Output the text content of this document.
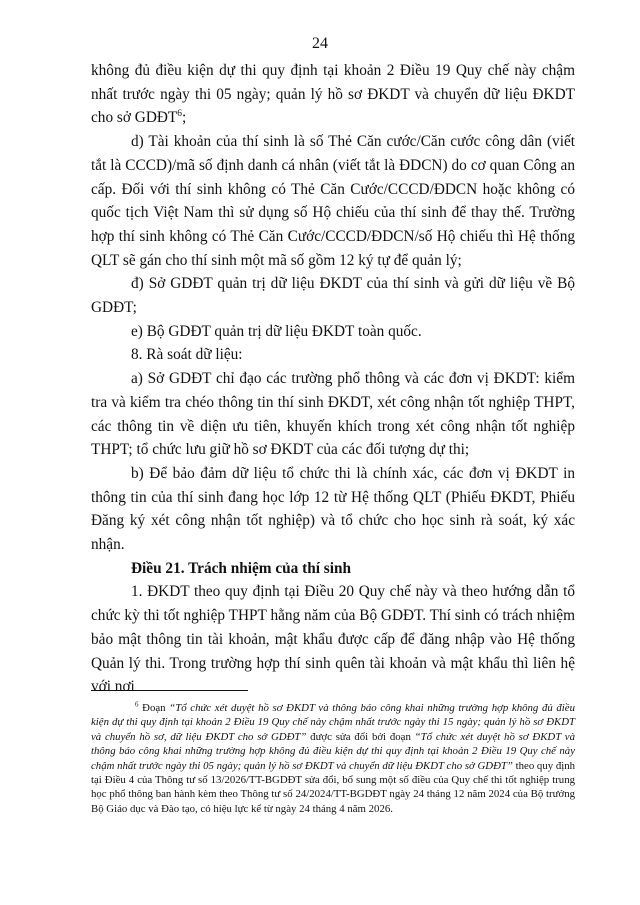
24

không đủ điều kiện dự thi quy định tại khoản 2 Điều 19 Quy chế này chậm nhất trước ngày thi 05 ngày; quản lý hồ sơ ĐKDT và chuyển dữ liệu ĐKDT cho sở GDĐT$^6$;

d) Tài khoản của thí sinh là số Thẻ Căn cước/Căn cước công dân (viết tắt là CCCD)/mã số định danh cá nhân (viết tắt là ĐDCN) do cơ quan Công an cấp. Đối với thí sinh không có Thẻ Căn Cước/CCCD/ĐDCN hoặc không có quốc tịch Việt Nam thì sử dụng số Hộ chiếu của thí sinh để thay thế. Trường hợp thí sinh không có Thẻ Căn Cước/CCCD/ĐDCN/số Hộ chiếu thì Hệ thống QLT sẽ gán cho thí sinh một mã số gồm 12 ký tự để quản lý;

đ) Sở GDĐT quản trị dữ liệu ĐKDT của thí sinh và gửi dữ liệu về Bộ GDĐT;

e) Bộ GDĐT quản trị dữ liệu ĐKDT toàn quốc.

8. Rà soát dữ liệu:

a) Sở GDĐT chỉ đạo các trường phổ thông và các đơn vị ĐKDT: kiểm tra và kiểm tra chéo thông tin thí sinh ĐKDT, xét công nhận tốt nghiệp THPT, các thông tin về diện ưu tiên, khuyến khích trong xét công nhận tốt nghiệp THPT; tổ chức lưu giữ hồ sơ ĐKDT của các đối tượng dự thi;

b) Để bảo đảm dữ liệu tổ chức thi là chính xác, các đơn vị ĐKDT in thông tin của thí sinh đang học lớp 12 từ Hệ thống QLT (Phiếu ĐKDT, Phiếu Đăng ký xét công nhận tốt nghiệp) và tổ chức cho học sinh rà soát, ký xác nhận.

Điều 21. Trách nhiệm của thí sinh

1. ĐKDT theo quy định tại Điều 20 Quy chế này và theo hướng dẫn tổ chức kỳ thi tốt nghiệp THPT hằng năm của Bộ GDĐT. Thí sinh có trách nhiệm bảo mật thông tin tài khoản, mật khẩu được cấp để đăng nhập vào Hệ thống Quản lý thi. Trong trường hợp thí sinh quên tài khoản và mật khẩu thì liên hệ với nơi

$^6$ Đoạn “Tổ chức xét duyệt hồ sơ ĐKDT và thông báo công khai những trường hợp không đủ điều kiện dự thi quy định tại khoản 2 Điều 19 Quy chế này chậm nhất trước ngày thi 15 ngày; quản lý hồ sơ ĐKDT và chuyển hồ sơ, dữ liệu ĐKDT cho sở GDĐT” được sửa đổi bởi đoạn “Tổ chức xét duyệt hồ sơ ĐKDT và thông báo công khai những trường hợp không đủ điều kiện dự thi quy định tại khoản 2 Điều 19 Quy chế này chậm nhất trước ngày thi 05 ngày; quản lý hồ sơ ĐKDT và chuyển dữ liệu ĐKDT cho sở GDĐT” theo quy định tại Điều 4 của Thông tư số 13/2026/TT-BGDĐT sửa đổi, bổ sung một số điều của Quy chế thi tốt nghiệp trung học phổ thông ban hành kèm theo Thông tư số 24/2024/TT-BGDĐT ngày 24 tháng 12 năm 2024 của Bộ trưởng Bộ Giáo dục và Đào tạo, có hiệu lực kể từ ngày 24 tháng 4 năm 2026.
